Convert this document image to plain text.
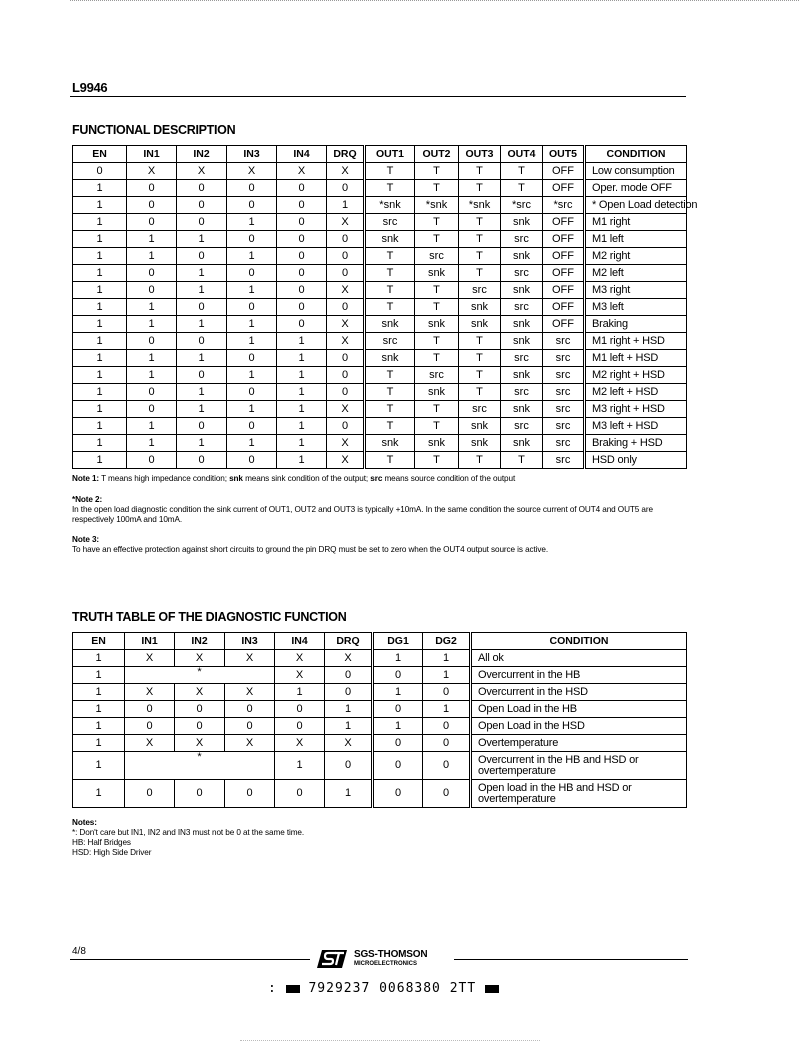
L9946
FUNCTIONAL DESCRIPTION
EN	IN1	IN2	IN3	IN4	DRQ	OUT1	OUT2	OUT3	OUT4	OUT5	CONDITION
0	X	X	X	X	X	T	T	T	T	OFF	Low consumption
1	0	0	0	0	0	T	T	T	T	OFF	Oper. mode OFF
1	0	0	0	0	1	*snk	*snk	*snk	*src	*src	* Open Load detection
1	0	0	1	0	X	src	T	T	snk	OFF	M1 right
1	1	1	0	0	0	snk	T	T	src	OFF	M1 left
1	1	0	1	0	0	T	src	T	snk	OFF	M2 right
1	0	1	0	0	0	T	snk	T	src	OFF	M2 left
1	0	1	1	0	X	T	T	src	snk	OFF	M3 right
1	1	0	0	0	0	T	T	snk	src	OFF	M3 left
1	1	1	1	0	X	snk	snk	snk	snk	OFF	Braking
1	0	0	1	1	X	src	T	T	snk	src	M1 right + HSD
1	1	1	0	1	0	snk	T	T	src	src	M1 left + HSD
1	1	0	1	1	0	T	src	T	snk	src	M2 right + HSD
1	0	1	0	1	0	T	snk	T	src	src	M2 left + HSD
1	0	1	1	1	X	T	T	src	snk	src	M3 right + HSD
1	1	0	0	1	0	T	T	snk	src	src	M3 left + HSD
1	1	1	1	1	X	snk	snk	snk	snk	src	Braking + HSD
1	0	0	0	1	X	T	T	T	T	src	HSD only
Note 1: T means high impedance condition; snk means sink condition of the output; src means source condition of the output
*Note 2:
In the open load diagnostic condition the sink current of OUT1, OUT2 and OUT3 is typically +10mA. In the same condition the source current of OUT4 and OUT5 are respectively 100mA and 10mA.
Note 3:
To have an effective protection against short circuits to ground the pin DRQ must be set to zero when the OUT4 output source is active.
TRUTH TABLE OF THE DIAGNOSTIC FUNCTION
EN	IN1	IN2	IN3	IN4	DRQ	DG1	DG2	CONDITION
1	X	X	X	X	X	1	1	All ok
1	*			X	0	0	1	Overcurrent in the HB
1	X	X	X	1	0	1	0	Overcurrent in the HSD
1	0	0	0	0	1	0	1	Open Load in the HB
1	0	0	0	0	1	1	0	Open Load in the HSD
1	X	X	X	X	X	0	0	Overtemperature
1	*			1	0	0	0	Overcurrent in the HB and HSD or overtemperature
1	0	0	0	0	1	0	0	Open load in the HB and HSD or overtemperature
Notes:
*: Don't care but IN1, IN2 and IN3 must not be 0 at the same time.
HB: Half Bridges
HSD: High Side Driver
4/8	SGS-THOMSON
MICROELECTRONICS
: 7929237 0068380 2TT
